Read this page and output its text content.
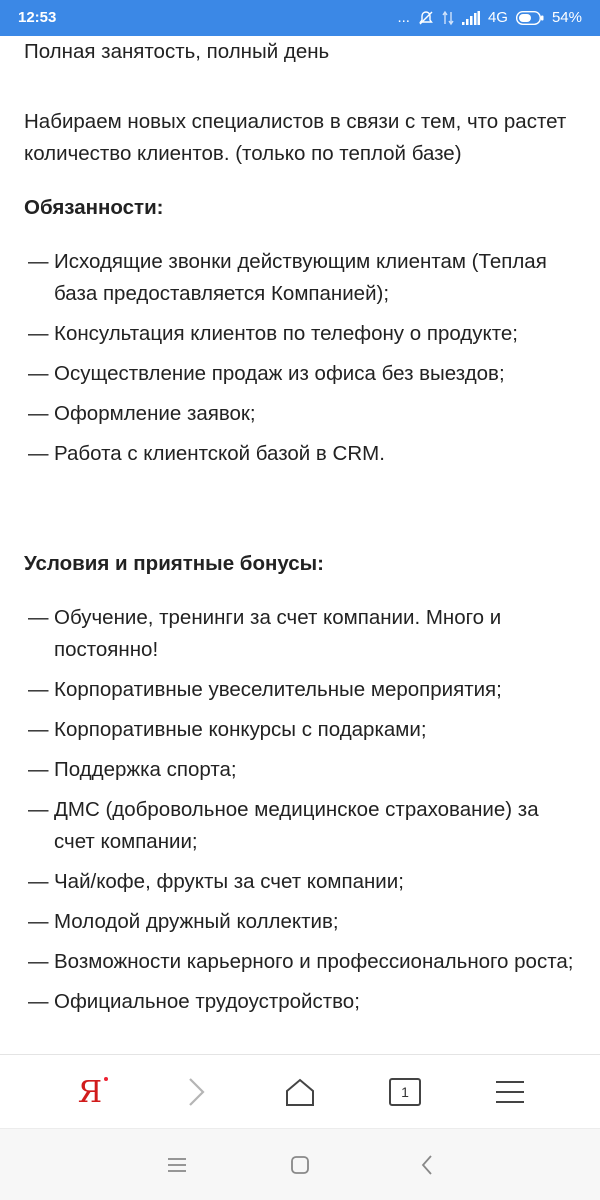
12:53	...	4G	54%

Полная занятость, полный день

Набираем новых специалистов в связи с тем, что растет количество клиентов. (только по теплой базе)

Обязанности:

— Исходящие звонки действующим клиентам (Теплая база предоставляется Компанией);
— Консультация клиентов по телефону о продукте;
— Осуществление продаж из офиса без выездов;
— Оформление заявок;
— Работа с клиентской базой в CRM.

Условия и приятные бонусы:

— Обучение, тренинги за счет компании. Много и постоянно!
— Корпоративные увеселительные мероприятия;
— Корпоративные конкурсы с подарками;
— Поддержка спорта;
— ДМС (добровольное медицинское страхование) за счет компании;
— Чай/кофе, фрукты за счет компании;
— Молодой дружный коллектив;
— Возможности карьерного и профессионального роста;
— Официальное трудоустройство;
Я	1
